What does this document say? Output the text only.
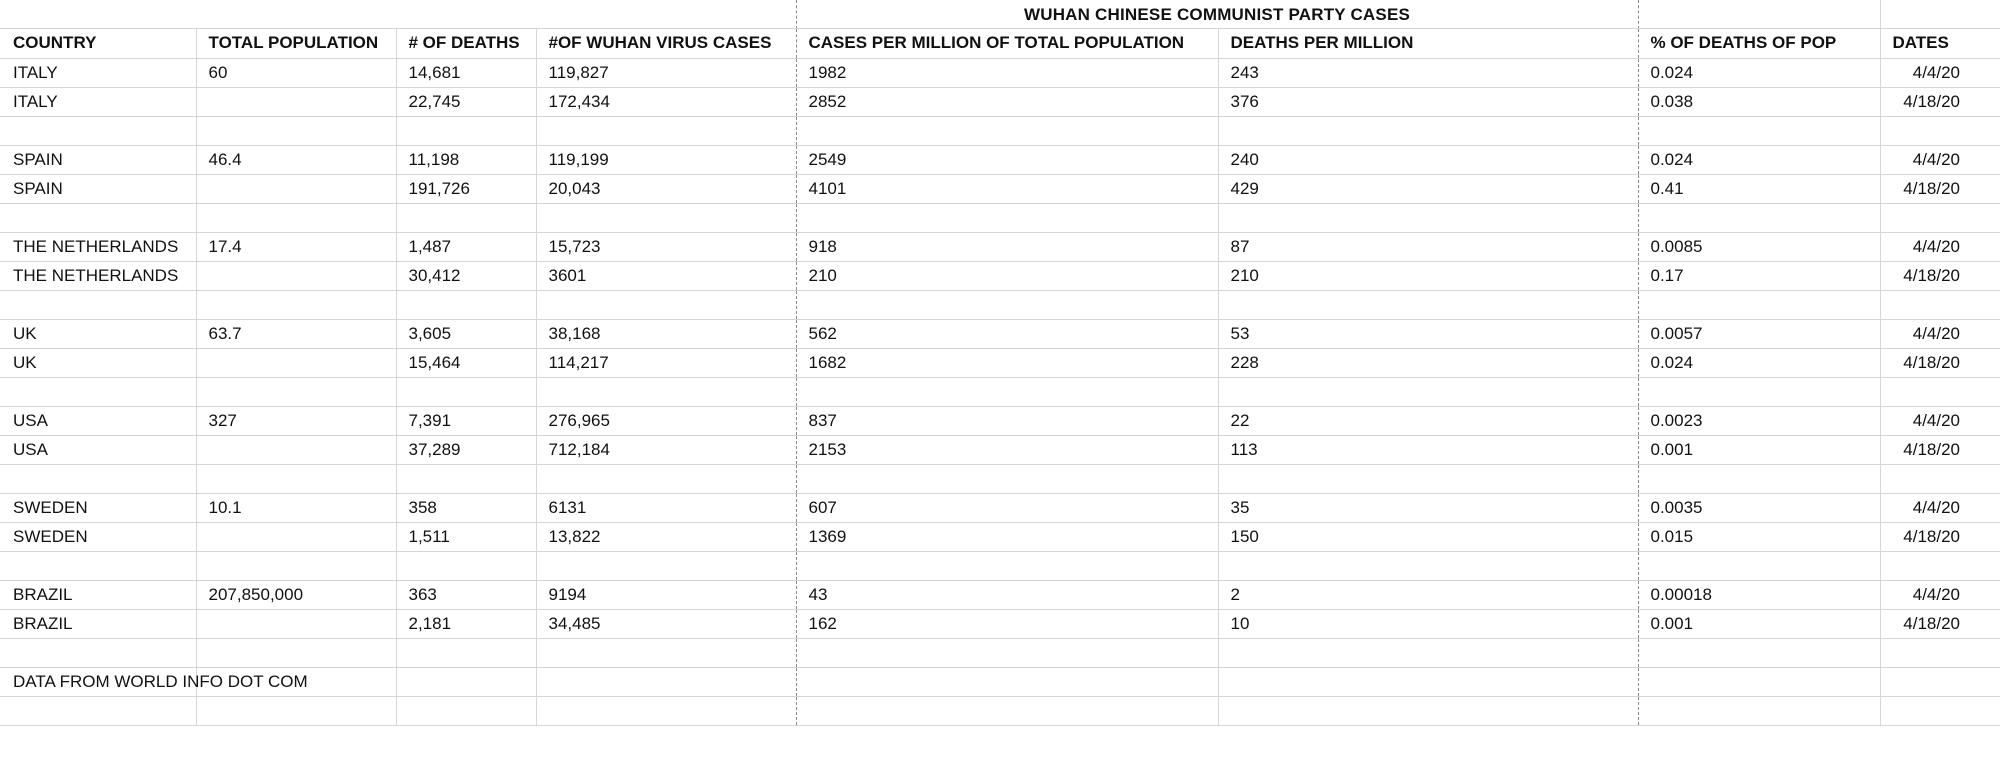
WUHAN CHINESE COMMUNIST PARTY CASES
COUNTRY	TOTAL POPULATION	# OF DEATHS	#OF WUHAN VIRUS CASES	CASES PER MILLION OF TOTAL POPULATION	DEATHS PER MILLION	% OF DEATHS OF POP	DATES
ITALY	60	14,681	119,827	1982	243	0.024	4/4/20
ITALY		22,745	172,434	2852	376	0.038	4/18/20

SPAIN	46.4	11,198	119,199	2549	240	0.024	4/4/20
SPAIN		191,726	20,043	4101	429	0.41	4/18/20

THE NETHERLANDS	17.4	1,487	15,723	918	87	0.0085	4/4/20
THE NETHERLANDS		30,412	3601	210	210	0.17	4/18/20

UK	63.7	3,605	38,168	562	53	0.0057	4/4/20
UK		15,464	114,217	1682	228	0.024	4/18/20

USA	327	7,391	276,965	837	22	0.0023	4/4/20
USA		37,289	712,184	2153	113	0.001	4/18/20

SWEDEN	10.1	358	6131	607	35	0.0035	4/4/20
SWEDEN		1,511	13,822	1369	150	0.015	4/18/20

BRAZIL	207,850,000	363	9194	43	2	0.00018	4/4/20
BRAZIL		2,181	34,485	162	10	0.001	4/18/20

DATA FROM WORLD INFO DOT COM							
